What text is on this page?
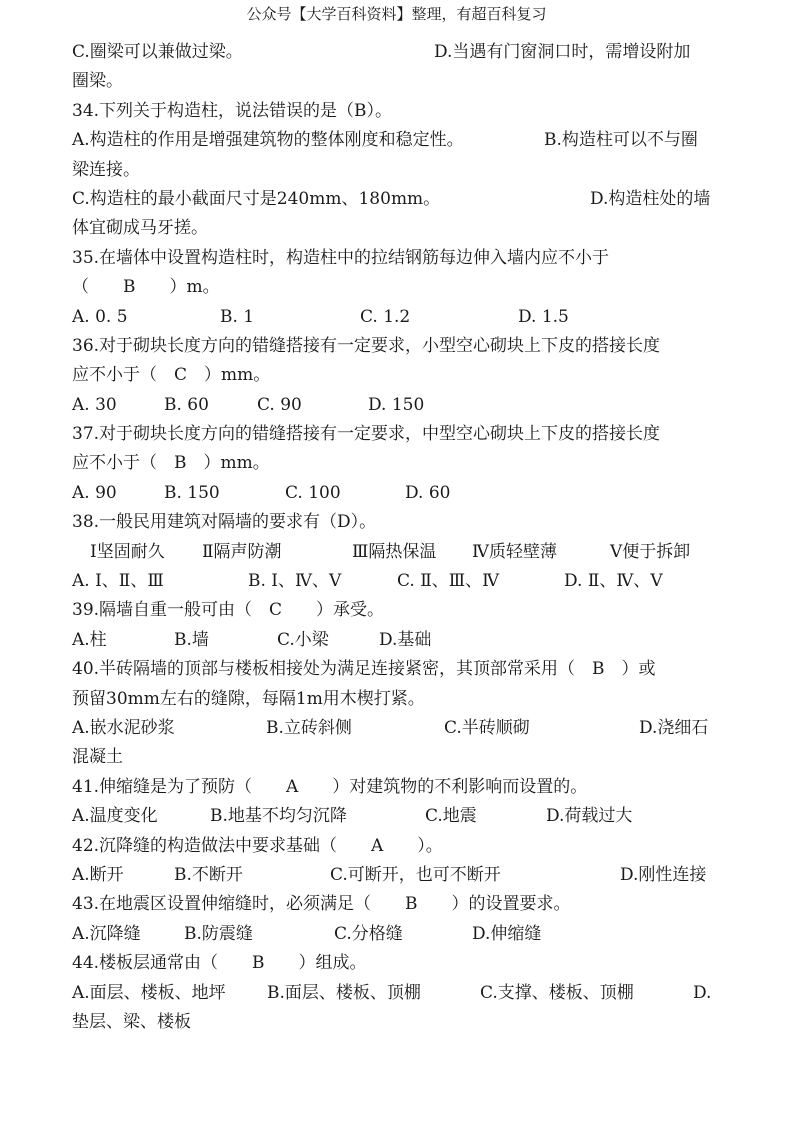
公众号【大学百科资料】整理，有超百科复习
C.圈梁可以兼做过梁。	D.当遇有门窗洞口时，需增设附加
圈梁。
34.下列关于构造柱，说法错误的是（B）。
A.构造柱的作用是增强建筑物的整体刚度和稳定性。	B.构造柱可以不与圈
梁连接。
C.构造柱的最小截面尺寸是240mm、180mm。	D.构造柱处的墙
体宜砌成马牙搓。
35.在墙体中设置构造柱时，构造柱中的拉结钢筋每边伸入墙内应不小于
（　　B　　）m。
A. 0. 5	B. 1	C. 1.2	D. 1.5
36.对于砌块长度方向的错缝搭接有一定要求，小型空心砌块上下皮的搭接长度
应不小于（　C　）mm。
A. 30	B. 60	C. 90	D. 150
37.对于砌块长度方向的错缝搭接有一定要求，中型空心砌块上下皮的搭接长度
应不小于（　B　）mm。
A. 90	B. 150	C. 100	D. 60
38.一般民用建筑对隔墙的要求有（D）。
Ⅰ坚固耐久 Ⅱ隔声防潮	Ⅲ隔热保温 Ⅳ质轻壁薄	Ⅴ便于拆卸
A. Ⅰ、Ⅱ、Ⅲ	B. Ⅰ、Ⅳ、Ⅴ	C. Ⅱ、Ⅲ、Ⅳ	D. Ⅱ、Ⅳ、Ⅴ
39.隔墙自重一般可由（　C　　）承受。
A.柱	B.墙	C.小梁	D.基础
40.半砖隔墙的顶部与楼板相接处为满足连接紧密，其顶部常采用（　B　）或
预留30mm左右的缝隙，每隔1m用木楔打紧。
A.嵌水泥砂浆	B.立砖斜侧	C.半砖顺砌	D.浇细石
混凝土
41.伸缩缝是为了预防（　　A　　）对建筑物的不利影响而设置的。
A.温度变化	B.地基不均匀沉降	C.地震	D.荷载过大
42.沉降缝的构造做法中要求基础（　　A　　）。
A.断开	B.不断开	C.可断开，也可不断开	D.刚性连接
43.在地震区设置伸缩缝时，必须满足（　　B　　）的设置要求。
A.沉降缝	B.防震缝	C.分格缝	D.伸缩缝
44.楼板层通常由（　　B　　）组成。
A.面层、楼板、地坪 B.面层、楼板、顶棚	C.支撑、楼板、顶棚	D.
垫层、梁、楼板
